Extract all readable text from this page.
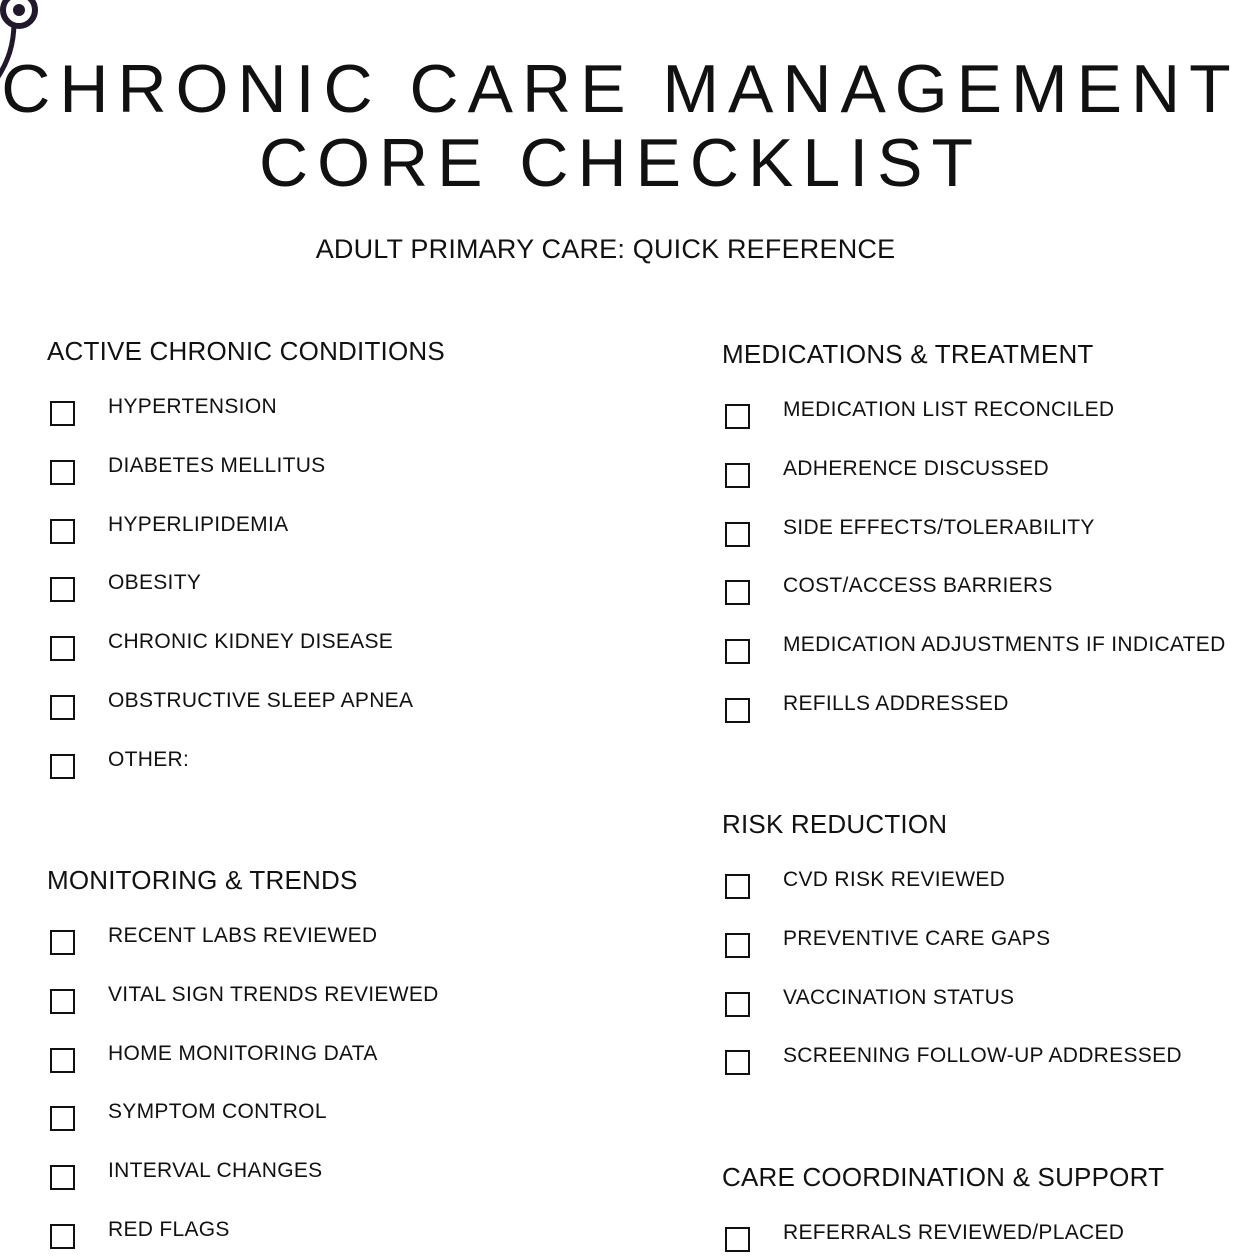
CHRONIC CARE MANAGEMENT
CORE CHECKLIST

ADULT PRIMARY CARE: QUICK REFERENCE

ACTIVE CHRONIC CONDITIONS
HYPERTENSION
DIABETES MELLITUS
HYPERLIPIDEMIA
OBESITY
CHRONIC KIDNEY DISEASE
OBSTRUCTIVE SLEEP APNEA
OTHER:
MONITORING & TRENDS
RECENT LABS REVIEWED
VITAL SIGN TRENDS REVIEWED
HOME MONITORING DATA
SYMPTOM CONTROL
INTERVAL CHANGES
RED FLAGS
MEDICATIONS & TREATMENT
MEDICATION LIST RECONCILED
ADHERENCE DISCUSSED
SIDE EFFECTS/TOLERABILITY
COST/ACCESS BARRIERS
MEDICATION ADJUSTMENTS IF INDICATED
REFILLS ADDRESSED
RISK REDUCTION
CVD RISK REVIEWED
PREVENTIVE CARE GAPS
VACCINATION STATUS
SCREENING FOLLOW-UP ADDRESSED
CARE COORDINATION & SUPPORT
REFERRALS REVIEWED/PLACED
